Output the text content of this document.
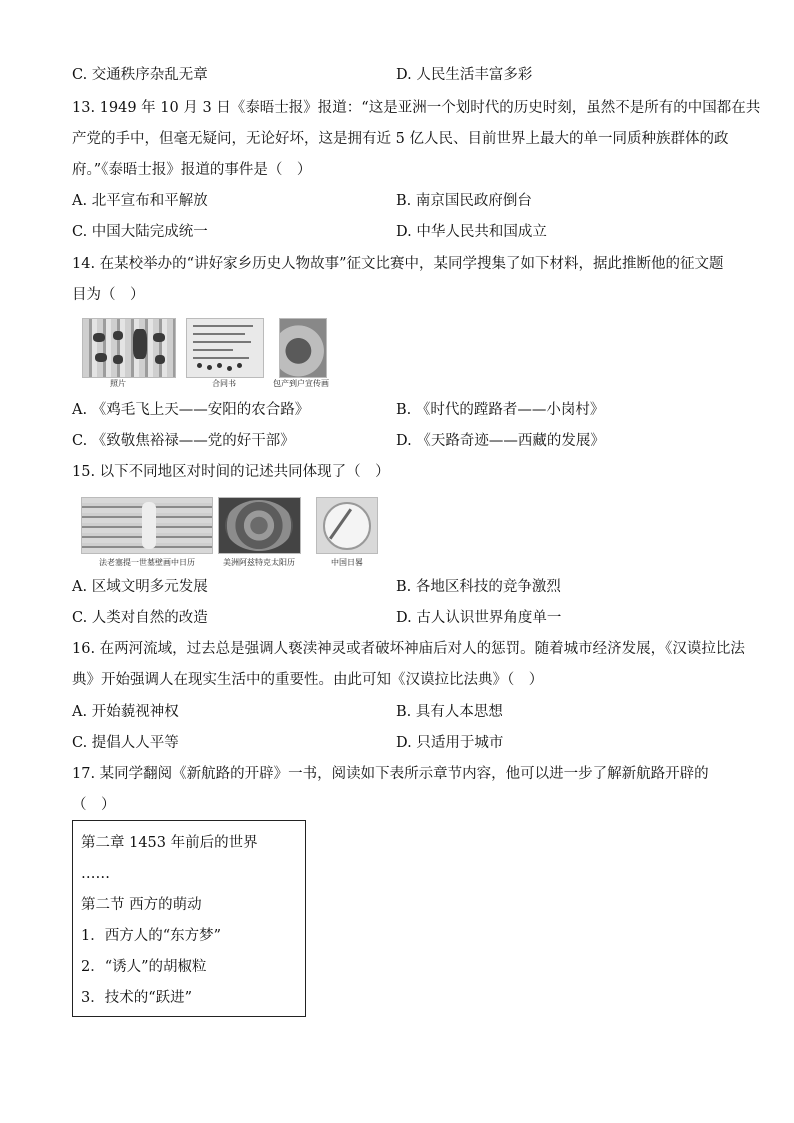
C. 交通秩序杂乱无章	D. 人民生活丰富多彩
13. 1949 年 10 月 3 日《泰晤士报》报道：“这是亚洲一个划时代的历史时刻，虽然不是所有的中国都在共
产党的手中，但毫无疑问，无论好坏，这是拥有近 5 亿人民、目前世界上最大的单一同质种族群体的政
府。”《泰晤士报》报道的事件是（　）
A. 北平宣布和平解放	B. 南京国民政府倒台
C. 中国大陆完成统一	D. 中华人民共和国成立
14. 在某校举办的“讲好家乡历史人物故事”征文比赛中，某同学搜集了如下材料，据此推断他的征文题
目为（　）
照片	合同书	包产到户宣传画
A. 《鸡毛飞上天——安阳的农合路》	B. 《时代的蹚路者——小岗村》
C. 《致敬焦裕禄——党的好干部》	D. 《天路奇迹——西藏的发展》
15. 以下不同地区对时间的记述共同体现了（　）
法老塞提一世墓壁画中日历	美洲阿兹特克太阳历	中国日晷
A. 区域文明多元发展	B. 各地区科技的竞争激烈
C. 人类对自然的改造	D. 古人认识世界角度单一
16. 在两河流域，过去总是强调人亵渎神灵或者破坏神庙后对人的惩罚。随着城市经济发展，《汉谟拉比法
典》开始强调人在现实生活中的重要性。由此可知《汉谟拉比法典》（　）
A. 开始藐视神权	B. 具有人本思想
C. 提倡人人平等	D. 只适用于城市
17. 某同学翻阅《新航路的开辟》一书，阅读如下表所示章节内容，他可以进一步了解新航路开辟的
（　）
第二章 1453 年前后的世界
……
第二节 西方的萌动
1．西方人的“东方梦”
2．“诱人”的胡椒粒
3．技术的“跃进”
